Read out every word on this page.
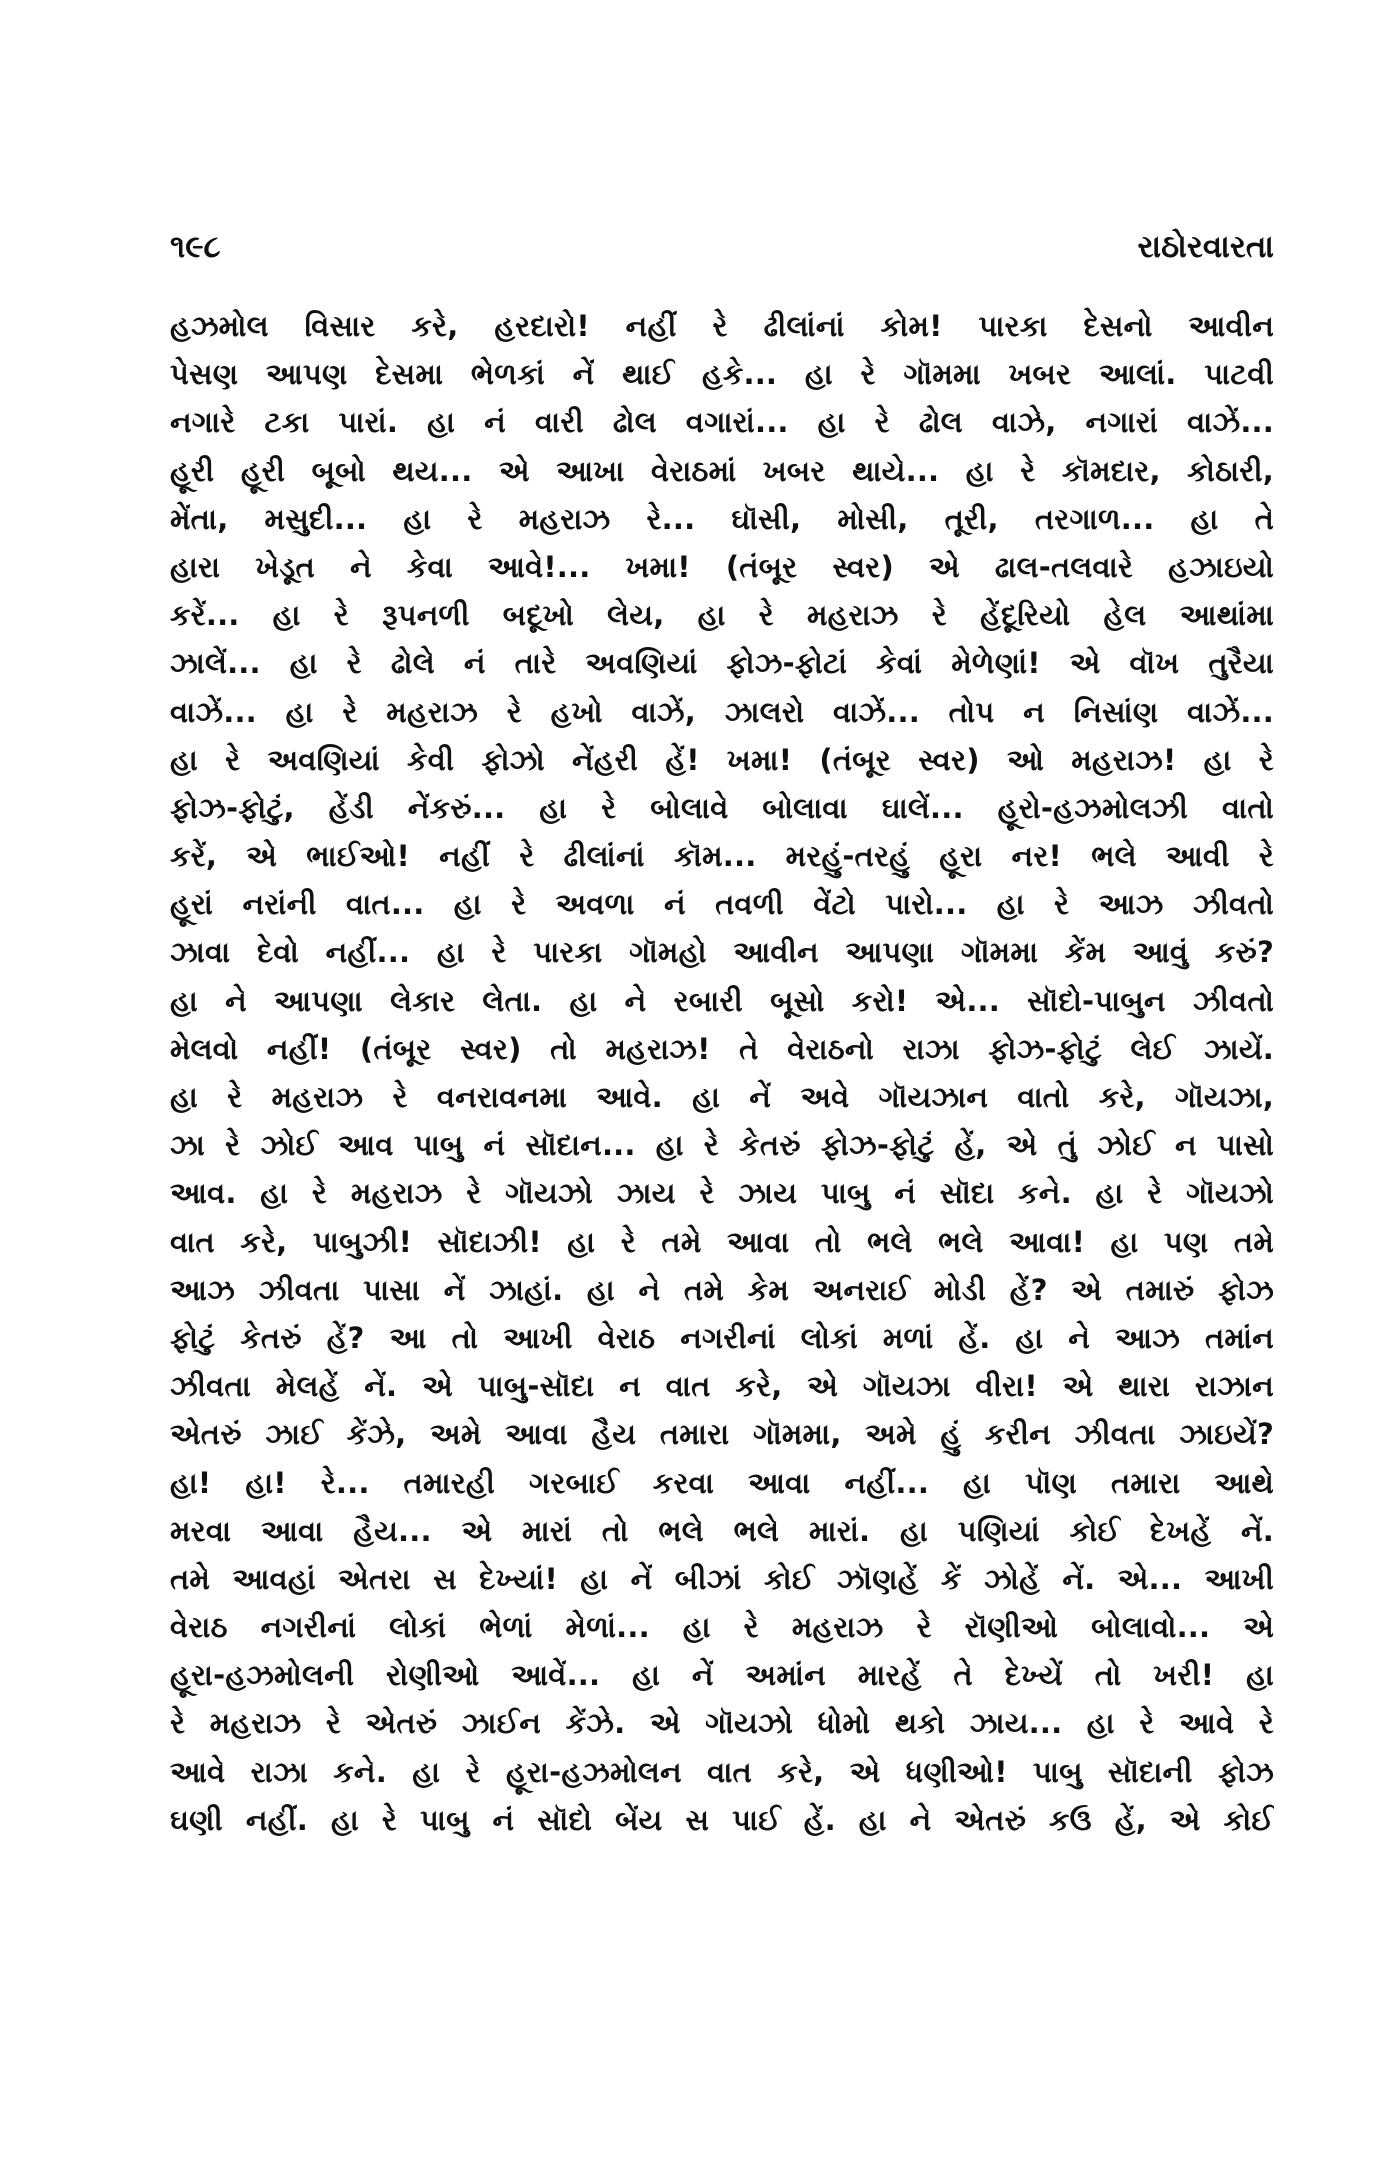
૧૯૮	રાઠોરવારતા
હઝમોલ વિસાર કરે, હરદારો! નહીં રે ઢીલાંનાં કોમ! પારકા દેસનો આવીન
પેસણ આપણ દેસમા ભેળકાં નેં થાઈ હકે... હા રે ગૉમમા ખબર આલાં. પાટવી
નગારે ટકા પારાં. હા નં વારી ઢોલ વગારાં... હા રે ઢોલ વાઝે, નગારાં વાઝેં...
હૂરી હૂરી બૂબો થય... એ આખા વેરાઠમાં ખબર થાયે... હા રે કૉમદાર, કોઠારી,
મેંતા, મસુદી... હા રે મહરાઝ રે... ઘૉસી, મોસી, તૂરી, તરગાળ... હા તે
હારા ખેડૂત ને કેવા આવે!... ખમા! (તંબૂર સ્વર) એ ઢાલ-તલવારે હઝાઇયો
કરેં... હા રે રૂપનળી બદૂખો લેય, હા રે મહરાઝ રે હેંદૂરિયો હેલ આથાંમા
ઝાલેં... હા રે ઢોલે નં તારે અવણિયાં ફોઝ-ફોટાં કેવાં મેળેણાં! એ વૉખ તુરૈયા
વાઝેં... હા રે મહરાઝ રે હખો વાઝેં, ઝાલરો વાઝેં... તોપ ન નિસાંણ વાઝેં...
હા રે અવણિયાં કેવી ફોઝો નેંહરી હેં! ખમા! (તંબૂર સ્વર) ઓ મહરાઝ! હા રે
ફોઝ-ફોટું, હેંડી નેંકરું... હા રે બોલાવે બોલાવા ઘાલેં... હૂરો-હઝમોલઝી વાતો
કરેં, એ ભાઈઓ! નહીં રે ઢીલાંનાં કૉમ... મરહું-તરહું હૂરા નર! ભલે આવી રે
હૂરાં નરાંની વાત... હા રે અવળા નં તવળી વેંટો પારો... હા રે આઝ ઝીવતો
ઝાવા દેવો નહીં... હા રે પારકા ગૉમહો આવીન આપણા ગૉમમા કેંમ આવું કરું?
હા ને આપણા લેકાર લેતા. હા ને રબારી બૂસો કરો! એ... સૉદો-પાબુન ઝીવતો
મેલવો નહીં! (તંબૂર સ્વર) તો મહરાઝ! તે વેરાઠનો રાઝા ફોઝ-ફોટું લેઈ ઝાયેં.
હા રે મહરાઝ રે વનરાવનમા આવે. હા નેં અવે ગૉયઝાન વાતો કરે, ગૉયઝા,
ઝા રે ઝોઈ આવ પાબુ નં સૉદાન... હા રે કેતરું ફોઝ-ફોટું હેં, એ તું ઝોઈ ન પાસો
આવ. હા રે મહરાઝ રે ગૉયઝો ઝાય રે ઝાય પાબુ નં સૉદા કને. હા રે ગૉયઝો
વાત કરે, પાબુઝી! સૉદાઝી! હા રે તમે આવા તો ભલે ભલે આવા! હા પણ તમે
આઝ ઝીવતા પાસા નેં ઝાહાં. હા ને તમે કેમ અનરાઈ મોડી હેં? એ તમારું ફોઝ
ફોટું કેતરું હેં? આ તો આખી વેરાઠ નગરીનાં લોકાં મળાં હેં. હા ને આઝ તમાંન
ઝીવતા મેલહેં નેં. એ પાબુ-સૉદા ન વાત કરે, એ ગૉયઝા વીરા! એ થારા રાઝાન
એતરું ઝાઈ કેંઝે, અમે આવા હૈય તમારા ગૉમમા, અમે હું કરીન ઝીવતા ઝાઇયેં?
હા! હા! રે... તમારહી ગરબાઈ કરવા આવા નહીં... હા પૉણ તમારા આથે
મરવા આવા હૈય... એ મારાં તો ભલે ભલે મારાં. હા પણિયાં કોઈ દેખહેં નેં.
તમે આવહાં એતરા સ દેખ્યાં! હા નેં બીઝાં કોઈ ઝૉણહેં કેં ઝોહેં નેં. એ... આખી
વેરાઠ નગરીનાં લોકાં ભેળાં મેળાં... હા રે મહરાઝ રે રૉણીઓ બોલાવો... એ
હૂરા-હઝમોલની રોણીઓ આવેં... હા નેં અમાંન મારહેં તે દેખ્યેં તો ખરી! હા
રે મહરાઝ રે એતરું ઝાઈન કેંઝે. એ ગૉયઝો ધોમો થકો ઝાય... હા રે આવે રે
આવે રાઝા કને. હા રે હૂરા-હઝમોલન વાત કરે, એ ધણીઓ! પાબુ સૉદાની ફોઝ
ઘણી નહીં. હા રે પાબુ નં સૉદો બેંય સ પાઈ હેં. હા ને એતરું કઉ હેં, એ કોઈ
